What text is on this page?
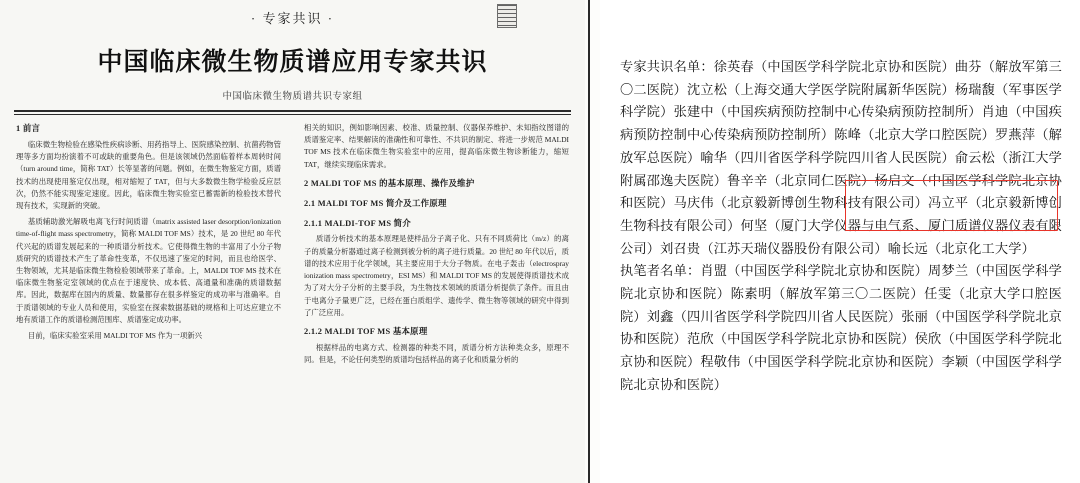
· 专家共识 ·
中国临床微生物质谱应用专家共识
中国临床微生物质谱共识专家组
1 前言

临床微生物检验在感染性疾病诊断、用药指导上、医院感染控制、抗菌药物管理等多方面均扮演着不可或缺的重要角色。但是该领域仍然面临着样本周转时间（turn around time，简称 TAT）长等显著的问题。例如，在微生物鉴定方面，质谱技术的出现使用鉴定仅出现，相对缩短了 TAT，但与大多数微生物学检验反应层次，仍然不能实现鉴定速度。因此，临床微生物实验室已蓄需新的检验技术替代现有技术，实现新的突破。

基质辅助激光解吸电离飞行时间质谱（matrix assisted laser desorption/ionization time-of-flight mass spectrometry，简称 MALDI TOF MS）技术，是 20 世纪 80 年代代兴起的质谱发展起来的一种质谱分析技术。它使得微生物的丰富用了小分子物质研究的质谱技术产生了革命性变革，不仅迅速了鉴定的时间，而且也给医学、生物领域，尤其是临床微生物检验领域带来了革命。上，MALDI TOF MS 技术在临床微生物鉴定室领域的优点在于速度快、成本低、高通量和准确的质谱数据库。因此，数据库在国内的质量、数量都存在很多样鉴定的成功率与准确率。自于质谱领域的专业人员和使用，实验室在探索数据基础的规格和上可达应建立不地有质谱工作的质谱检测范围库、质谱鉴定成功率。

目前，临床实验室采用 MALDI TOF MS 作为一项新兴

相关的知识，例如影响因素、校准、质量控制、仪器保养维护、未知指纹图谱的质谱鉴定率、结果解读的准确性和可靠性、不共识的制定、将进一步规范 MALDI TOF MS 技术在临床微生物实验室中的应用，提高临床微生物诊断能力，缩短 TAT，继续实现临床需求。

2 MALDI TOF MS 的基本原理、操作及维护
2.1 MALDI TOF MS 简介及工作原理
2.1.1 MALDI-TOF MS 简介

质谱分析技术的基本原理是使样品分子离子化、只有不同质荷比（m/z）的离子的质量分析器通过离子检测到被分析的离子进行质量。20 世纪 80 年代以后，质谱的技术应用于化学领域，其主要应用于大分子物质。在电子轰击（electrospray ionization mass spectrometry，ESI MS）和 MALDI TOF MS 的发展使得质谱技术成为了对大分子分析的主要手段，为生物技术领域的质谱分析提供了条件。而且由于电离分子量更广泛，已经在蛋白质组学、遗传学、微生物等领域的研究中得到了广泛应用。

2.1.2 MALDI TOF MS 基本原理

根据样品的电离方式、检测器的种类不同，质谱分析方法种类众多，原理不同。但是，不论任何类型的质谱均包括样品的离子化和质量分析的

专家共识名单：徐英春（中国医学科学院北京协和医院）曲芬（解放军第三〇二医院）沈立松（上海交通大学医学院附属新华医院）杨瑞馥（军事医学科学院）张建中（中国疾病预防控制中心传染病预防控制所）肖迪（中国疾病预防控制中心传染病预防控制所）陈峰（北京大学口腔医院）罗燕萍（解放军总医院）喻华（四川省医学科学院四川省人民医院）俞云松（浙江大学附属邵逸夫医院）鲁辛辛（北京同仁医院）杨启文（中国医学科学院北京协和医院）马庆伟（北京毅新博创生物科技有限公司）冯立平（北京毅新博创生物科技有限公司）何坚（厦门大学仪器与电气系、厦门质谱仪器仪表有限公司）刘召贵（江苏天瑞仪器股份有限公司）喻长远（北京化工大学）

执笔者名单：肖盟（中国医学科学院北京协和医院）周梦兰（中国医学科学院北京协和医院）陈素明（解放军第三〇二医院）任雯（北京大学口腔医院）刘鑫（四川省医学科学院四川省人民医院）张丽（中国医学科学院北京协和医院）范欣（中国医学科学院北京协和医院）侯欣（中国医学科学院北京协和医院）程敬伟（中国医学科学院北京协和医院）李颖（中国医学科学院北京协和医院）
